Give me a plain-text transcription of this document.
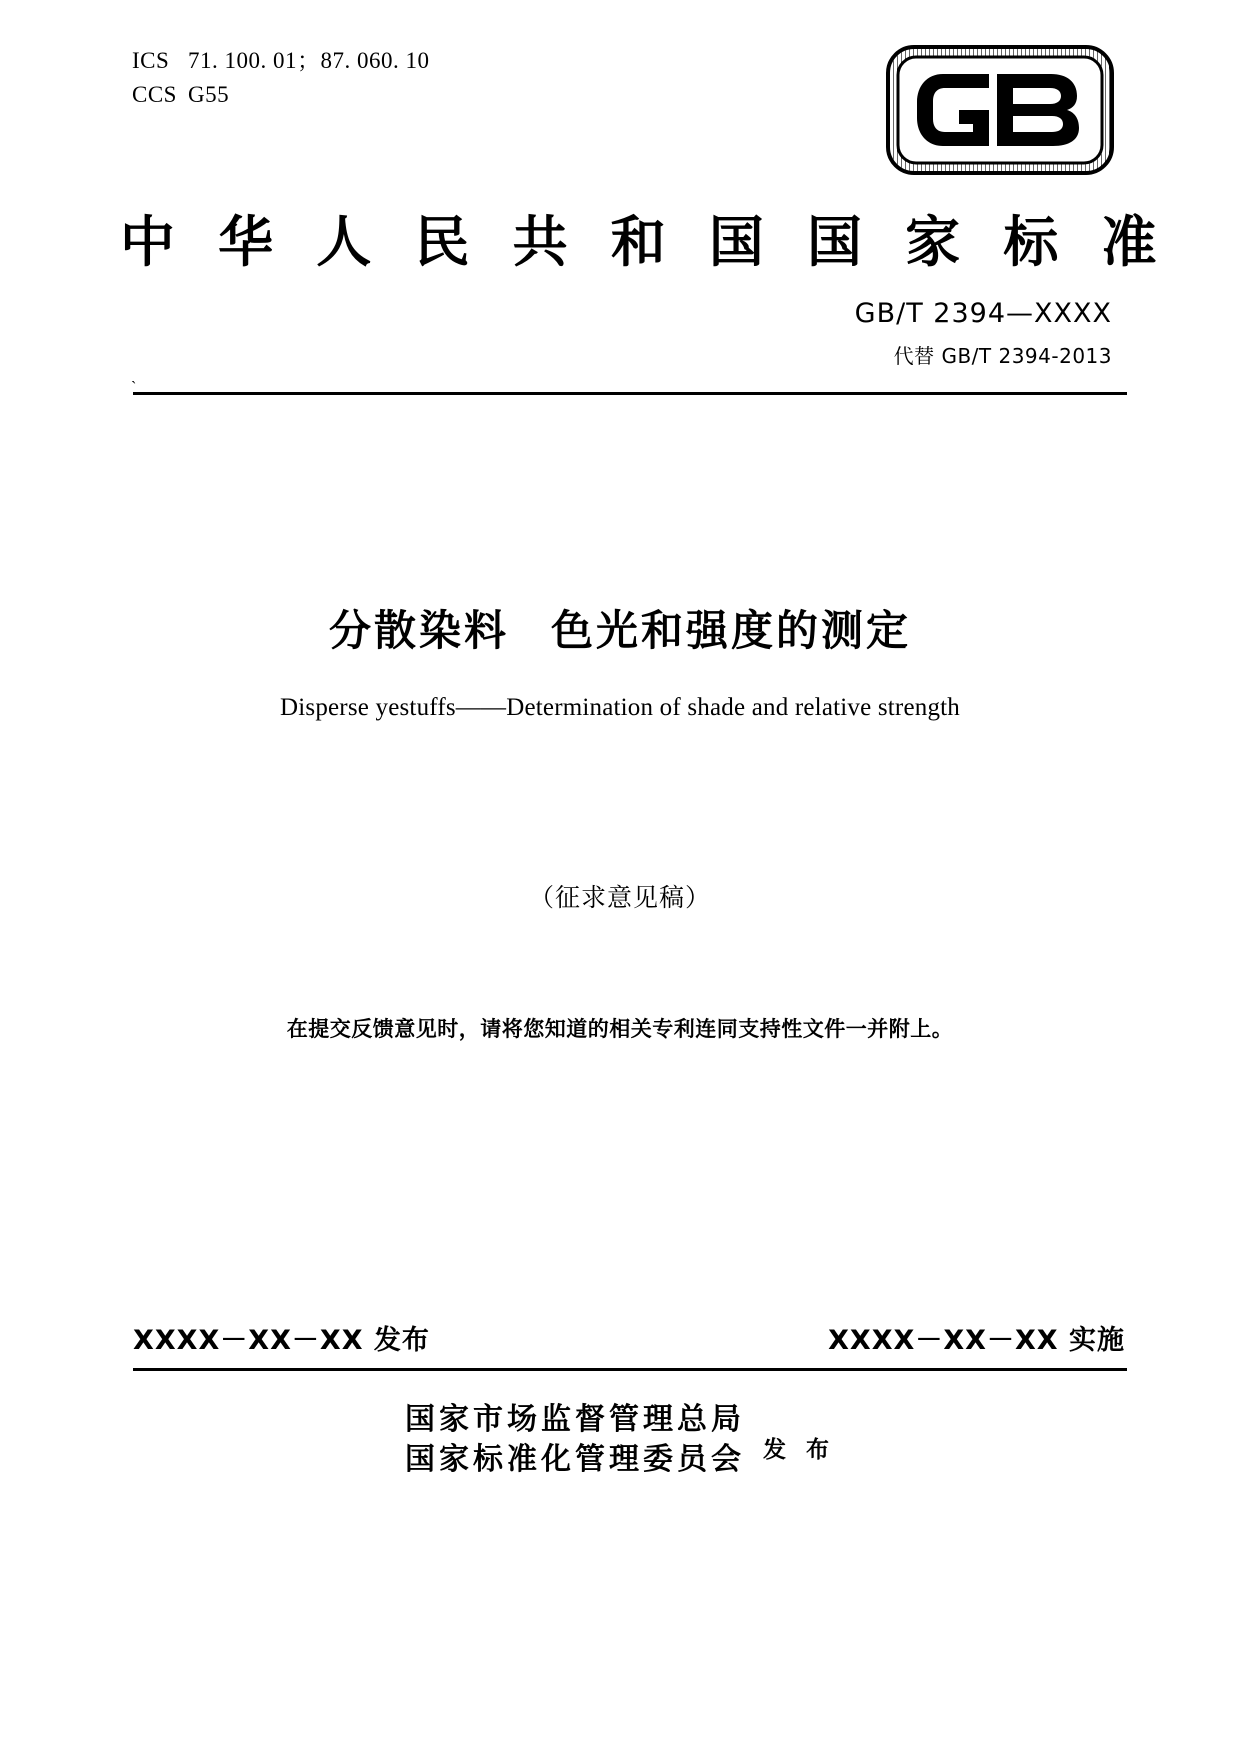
ICS 71. 100. 01；87. 060. 10
CCS G55
中 华 人 民 共 和 国 国 家 标 准
GB/T 2394—XXXX
代替 GB/T 2394-2013
`
分散染料 色光和强度的测定
Disperse yestuffs——Determination of shade and relative strength
（征求意见稿）
在提交反馈意见时，请将您知道的相关专利连同支持性文件一并附上。
XXXX－XX－XX 发布	XXXX－XX－XX 实施
国家市场监督管理总局
国家标准化管理委员会 发 布
